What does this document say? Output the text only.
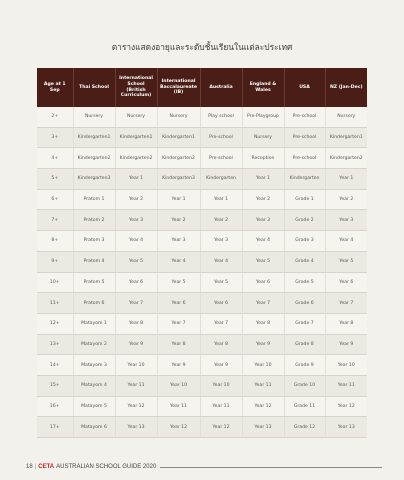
ตารางแสดงอายุและระดับชั้นเรียนในแต่ละประเทศ
Age at 1 Sep	Thai School	International School (British Curriculum)	International Baccalaureate (IB)	Australia	England & Wales	USA	NZ (Jan-Dec)
2+	Nursery	Nursery	Nursery	Play school	Pre-Playgroup	Pre-school	Nursery
3+	Kindergarten1	Kindergarten1	Kindergarten1	Pre-school	Nursery	Pre-school	Kindergarten1
4+	Kindergarten2	Kindergarten2	Kindergarten2	Pre-school	Reception	Pre-school	Kindergarten2
5+	Kindergarten3	Year 1	Kindergarten3	Kindergarten	Year 1	Kindergarten	Year 1
6+	Pratom 1	Year 2	Year 1	Year 1	Year 2	Grade 1	Year 2
7+	Pratom 2	Year 3	Year 2	Year 2	Year 3	Grade 2	Year 3
8+	Pratom 3	Year 4	Year 3	Year 3	Year 4	Grade 3	Year 4
9+	Pratom 4	Year 5	Year 4	Year 4	Year 5	Grade 4	Year 5
10+	Pratom 5	Year 6	Year 5	Year 5	Year 6	Grade 5	Year 6
11+	Pratom 6	Year 7	Year 6	Year 6	Year 7	Grade 6	Year 7
12+	Matayom 1	Year 8	Year 7	Year 7	Year 8	Grade 7	Year 8
13+	Matayom 2	Year 9	Year 8	Year 8	Year 9	Grade 8	Year 9
14+	Matayom 3	Year 10	Year 9	Year 9	Year 10	Grade 9	Year 10
15+	Matayom 4	Year 11	Year 10	Year 10	Year 11	Grade 10	Year 11
16+	Matayom 5	Year 12	Year 11	Year 11	Year 12	Grade 11	Year 12
17+	Matayom 6	Year 13	Year 12	Year 12	Year 13	Grade 12	Year 13
18 | CETA AUSTRALIAN SCHOOL GUIDE 2020
